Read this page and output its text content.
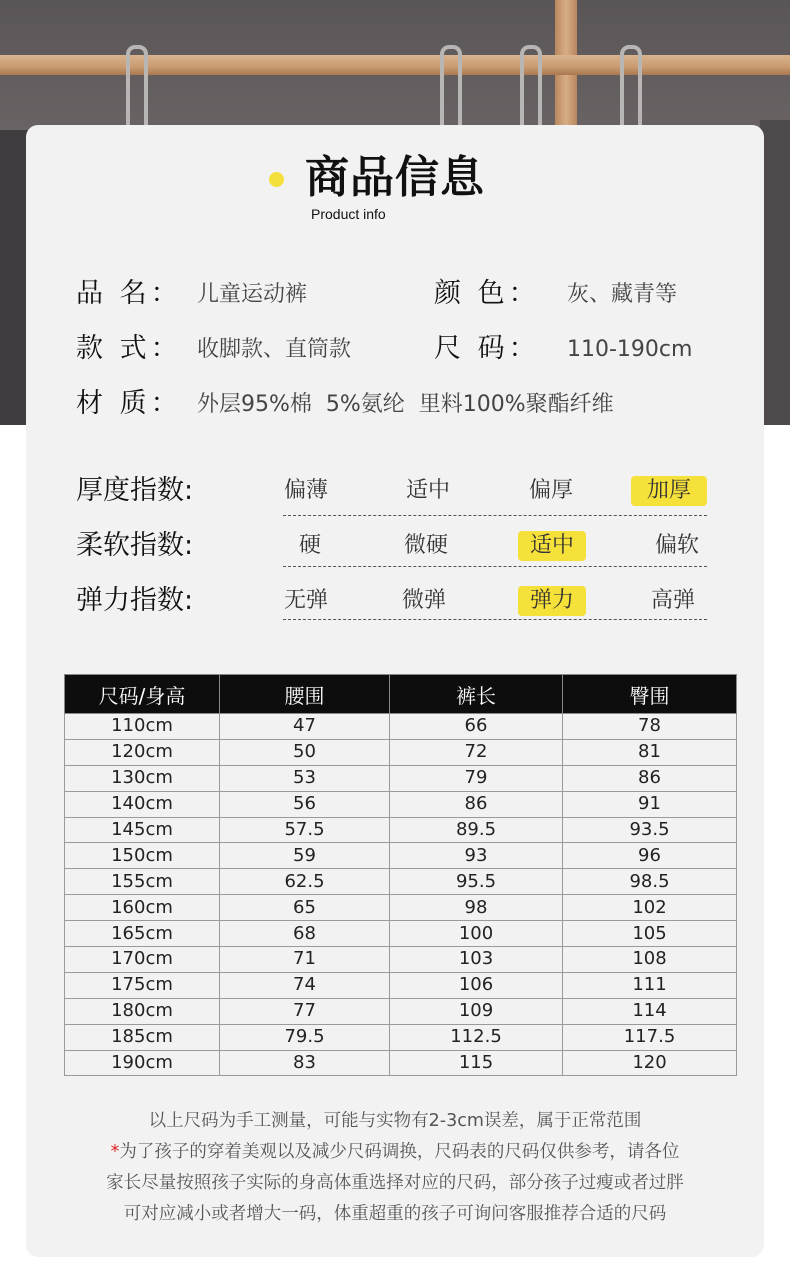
商品信息
Product info
品 名： 儿童运动裤	颜 色： 灰、藏青等
款 式： 收脚款、直筒款	尺 码： 110-190cm
材 质： 外层95%棉  5%氨纶  里料100%聚酯纤维
厚度指数:	偏薄	适中	偏厚	加厚
柔软指数:	硬	微硬	适中	偏软
弹力指数:	无弹	微弹	弹力	高弹
尺码/身高	腰围	裤长	臀围
110cm	47	66	78
120cm	50	72	81
130cm	53	79	86
140cm	56	86	91
145cm	57.5	89.5	93.5
150cm	59	93	96
155cm	62.5	95.5	98.5
160cm	65	98	102
165cm	68	100	105
170cm	71	103	108
175cm	74	106	111
180cm	77	109	114
185cm	79.5	112.5	117.5
190cm	83	115	120
以上尺码为手工测量，可能与实物有2-3cm误差，属于正常范围
*为了孩子的穿着美观以及减少尺码调换，尺码表的尺码仅供参考，请各位
家长尽量按照孩子实际的身高体重选择对应的尺码，部分孩子过瘦或者过胖
可对应减小或者增大一码，体重超重的孩子可询问客服推荐合适的尺码
